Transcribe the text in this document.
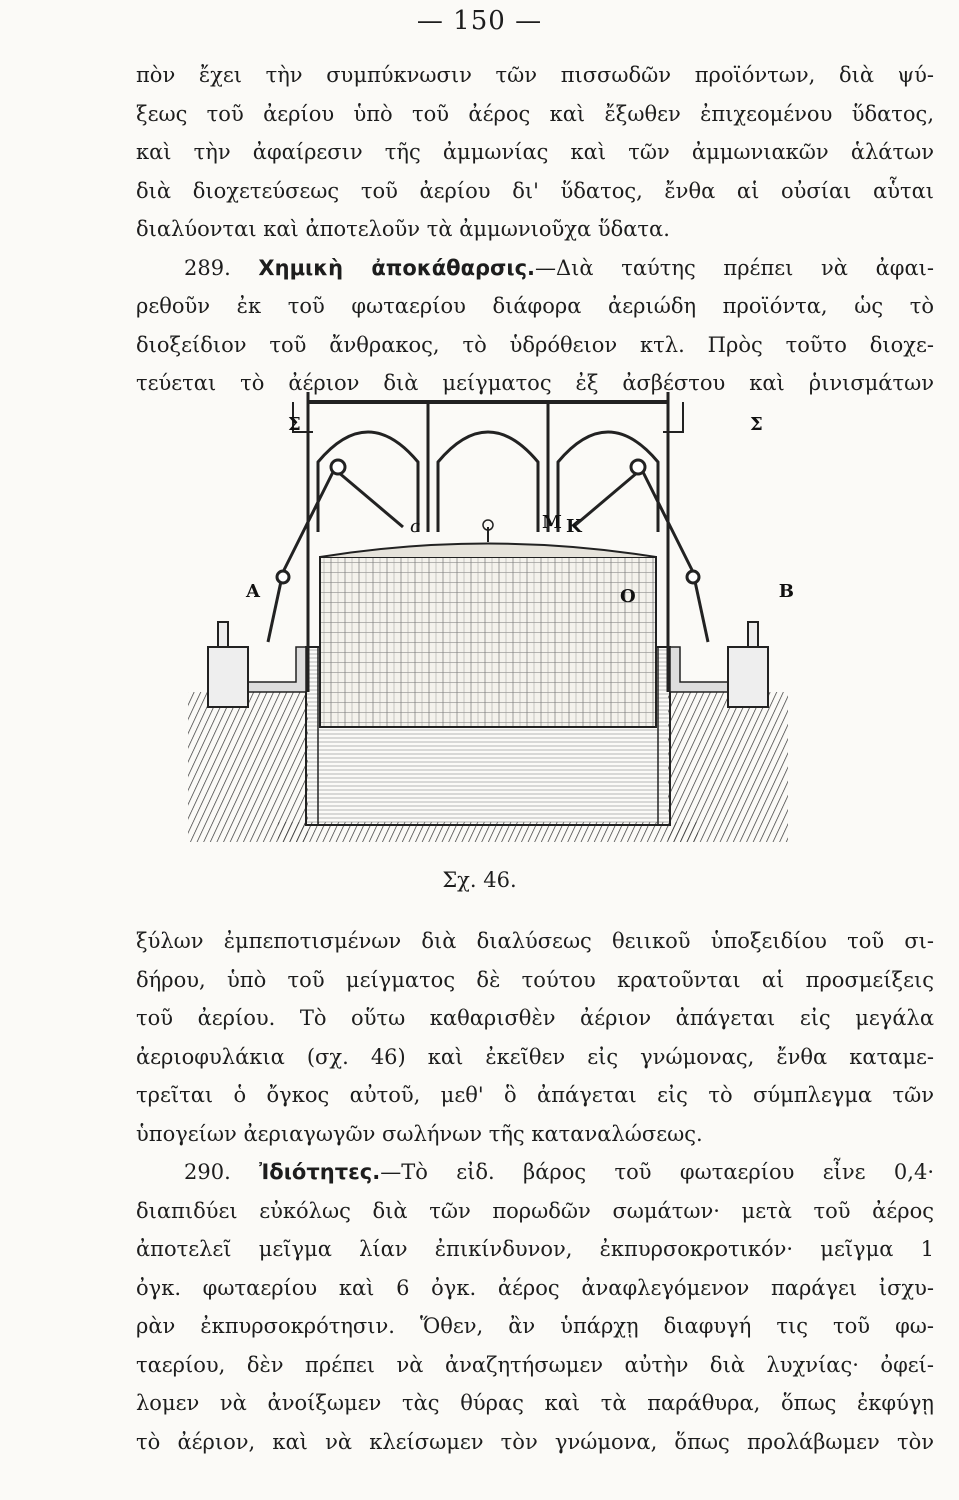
— 150 —
πὸν ἔχει τὴν συμπύκνωσιν τῶν πισσωδῶν προϊόντων, διὰ ψύ-
ξεως τοῦ ἀερίου ὑπὸ τοῦ ἀέρος καὶ ἔξωθεν ἐπιχεομένου ὕδατος,
καὶ τὴν ἀφαίρεσιν τῆς ἀμμωνίας καὶ τῶν ἀμμωνιακῶν ἁλάτων
διὰ διοχετεύσεως τοῦ ἀερίου δι' ὕδατος, ἔνθα αἱ οὐσίαι αὗται
διαλύονται καὶ ἀποτελοῦν τὰ ἀμμωνιοῦχα ὕδατα.
289. Χημικὴ ἀποκάθαρσις.—Διὰ ταύτης πρέπει νὰ ἀφαι-
ρεθοῦν ἐκ τοῦ φωταερίου διάφορα ἀεριώδη προϊόντα, ὡς τὸ
διοξείδιον τοῦ ἄνθρακος, τὸ ὑδρόθειον κτλ. Πρὸς τοῦτο διοχε-
τεύεται τὸ ἀέριον διὰ μείγματος ἐξ ἀσβέστου καὶ ῥινισμάτων
Σ	Σ
Α	Β
c	Μ Κ
Ο
Σχ. 46.
ξύλων ἐμπεποτισμένων διὰ διαλύσεως θειικοῦ ὑποξειδίου τοῦ σι-
δήρου, ὑπὸ τοῦ μείγματος δὲ τούτου κρατοῦνται αἱ προσμείξεις
τοῦ ἀερίου. Τὸ οὕτω καθαρισθὲν ἀέριον ἀπάγεται εἰς μεγάλα
ἀεριοφυλάκια (σχ. 46) καὶ ἐκεῖθεν εἰς γνώμονας, ἔνθα καταμε-
τρεῖται ὁ ὄγκος αὐτοῦ, μεθ' ὃ ἀπάγεται εἰς τὸ σύμπλεγμα τῶν
ὑπογείων ἀεριαγωγῶν σωλήνων τῆς καταναλώσεως.
290. Ἰδιότητες.—Τὸ εἰδ. βάρος τοῦ φωταερίου εἶνε 0,4·
διαπιδύει εὐκόλως διὰ τῶν πορωδῶν σωμάτων· μετὰ τοῦ ἀέρος
ἀποτελεῖ μεῖγμα λίαν ἐπικίνδυνον, ἐκπυρσοκροτικόν· μεῖγμα 1
ὀγκ. φωταερίου καὶ 6 ὀγκ. ἀέρος ἀναφλεγόμενον παράγει ἰσχυ-
ρὰν ἐκπυρσοκρότησιν. Ὅθεν, ἂν ὑπάρχῃ διαφυγή τις τοῦ φω-
ταερίου, δὲν πρέπει νὰ ἀναζητήσωμεν αὐτὴν διὰ λυχνίας· ὀφεί-
λομεν νὰ ἀνοίξωμεν τὰς θύρας καὶ τὰ παράθυρα, ὅπως ἐκφύγῃ
τὸ ἀέριον, καὶ νὰ κλείσωμεν τὸν γνώμονα, ὅπως προλάβωμεν τὸν
